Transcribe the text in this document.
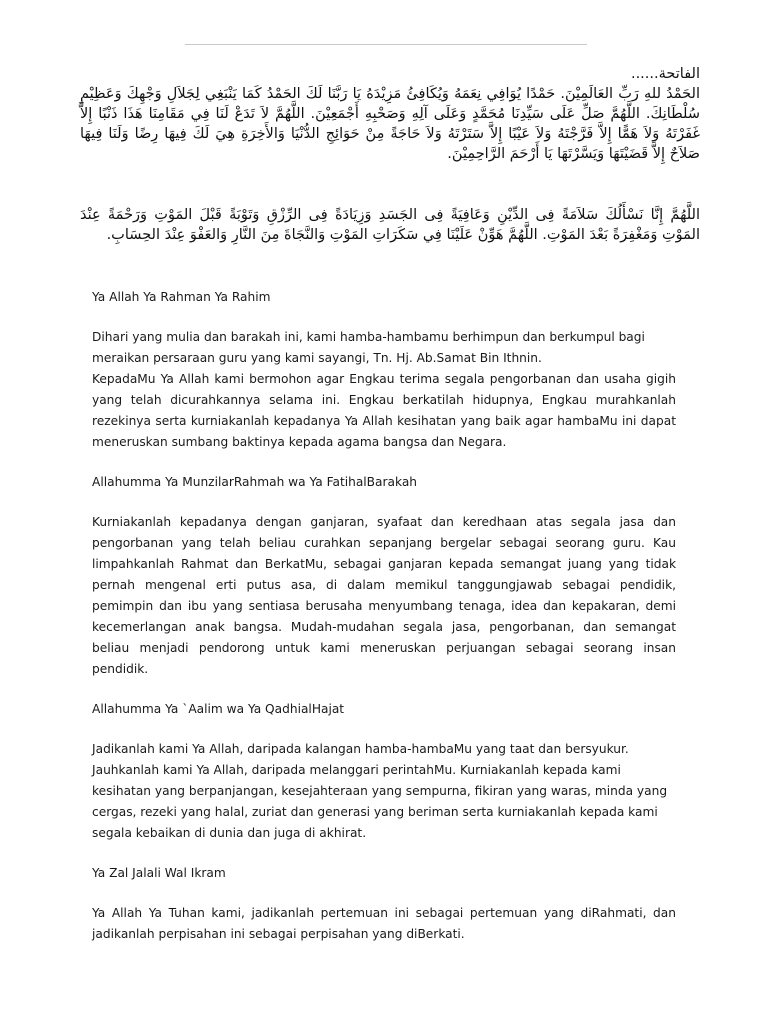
الفاتحة......

الحَمْدُ للهِ رَبِّ العَالَمِيْنَ. حَمْدًا يُوَافِي نِعَمَهُ وَيُكَافِئُ مَزِيْدَهُ يَا رَبَّنَا لَكَ الحَمْدُ كَمَا يَنْبَغِي لِجَلاَلِ وَجْهِكَ وَعَظِيْمِ سُلْطَانِكَ. اللَّهُمَّ صَلِّ عَلَى سَيِّدِنَا مُحَمَّدٍ وَعَلَى آلِهِ وَصَحْبِهِ أَجْمَعِيْنَ. اللَّهُمَّ لاَ تَدَعْ لَنَا فِي مَقَامِنَا هَذَا ذَنْبًا إِلاَّ غَفَرْتَهُ وَلاَ هَمًّا إِلاَّ فَرَّجْتَهُ وَلاَ عَيْبًا إِلاَّ سَتَرْتَهُ وَلاَ حَاجَةً مِنْ حَوَائِجِ الدُّنْيَا وَالأَخِرَةِ هِيَ لَكَ فِيهَا رِضًا وَلَنَا فِيهَا صَلاَحٌ إِلاَّ قَضَيْتَهَا وَيَسَّرْتَهَا يَا أَرْحَمَ الرَّاحِمِيْنَ.

اللَّهُمَّ إِنَّا نَسْأَلُكَ سَلاَمَةً فِى الدِّيْنِ وَعَافِيَةً فِى الجَسَدِ وَزِيَادَةً فِى الرِّزْقِ وَتَوْبَةً قَبْلَ المَوْتِ وَرَحْمَةً عِنْدَ المَوْتِ وَمَغْفِرَةً بَعْدَ المَوْتِ. اللَّهُمَّ هَوِّنْ عَلَيْنَا فِي سَكَرَاتِ المَوْتِ وَالنَّجَاةَ مِنَ النَّارِ وَالعَفْوَ عِنْدَ الحِسَابِ.

Ya Allah Ya Rahman Ya Rahim

Dihari yang mulia dan barakah ini, kami hamba-hambamu berhimpun dan berkumpul bagi meraikan persaraan guru yang kami sayangi, Tn. Hj. Ab.Samat Bin Ithnin.

KepadaMu Ya Allah kami bermohon agar Engkau terima segala pengorbanan dan usaha gigih yang telah dicurahkannya selama ini. Engkau berkatilah hidupnya, Engkau murahkanlah rezekinya serta kurniakanlah kepadanya Ya Allah kesihatan yang baik agar hambaMu ini dapat meneruskan sumbang baktinya kepada agama bangsa dan Negara.

Allahumma Ya MunzilarRahmah wa Ya FatihalBarakah

Kurniakanlah kepadanya dengan ganjaran, syafaat dan keredhaan atas segala jasa dan pengorbanan yang telah beliau curahkan sepanjang bergelar sebagai seorang guru. Kau limpahkanlah Rahmat dan BerkatMu, sebagai ganjaran kepada semangat juang yang tidak pernah mengenal erti putus asa, di dalam memikul tanggungjawab sebagai pendidik, pemimpin dan ibu yang sentiasa berusaha menyumbang tenaga, idea dan kepakaran, demi kecemerlangan anak bangsa. Mudah-mudahan segala jasa, pengorbanan, dan semangat beliau menjadi pendorong untuk kami meneruskan perjuangan sebagai seorang insan pendidik.

Allahumma Ya `Aalim wa Ya QadhialHajat

Jadikanlah kami Ya Allah, daripada kalangan hamba-hambaMu yang taat dan bersyukur. Jauhkanlah kami Ya Allah, daripada melanggari perintahMu. Kurniakanlah kepada kami kesihatan yang berpanjangan, kesejahteraan yang sempurna, fikiran yang waras, minda yang cergas, rezeki yang halal, zuriat dan generasi yang beriman serta kurniakanlah kepada kami segala kebaikan di dunia dan juga di akhirat.

Ya Zal Jalali Wal Ikram

Ya Allah Ya Tuhan kami, jadikanlah pertemuan ini sebagai pertemuan yang diRahmati, dan jadikanlah perpisahan ini sebagai perpisahan yang diBerkati.
